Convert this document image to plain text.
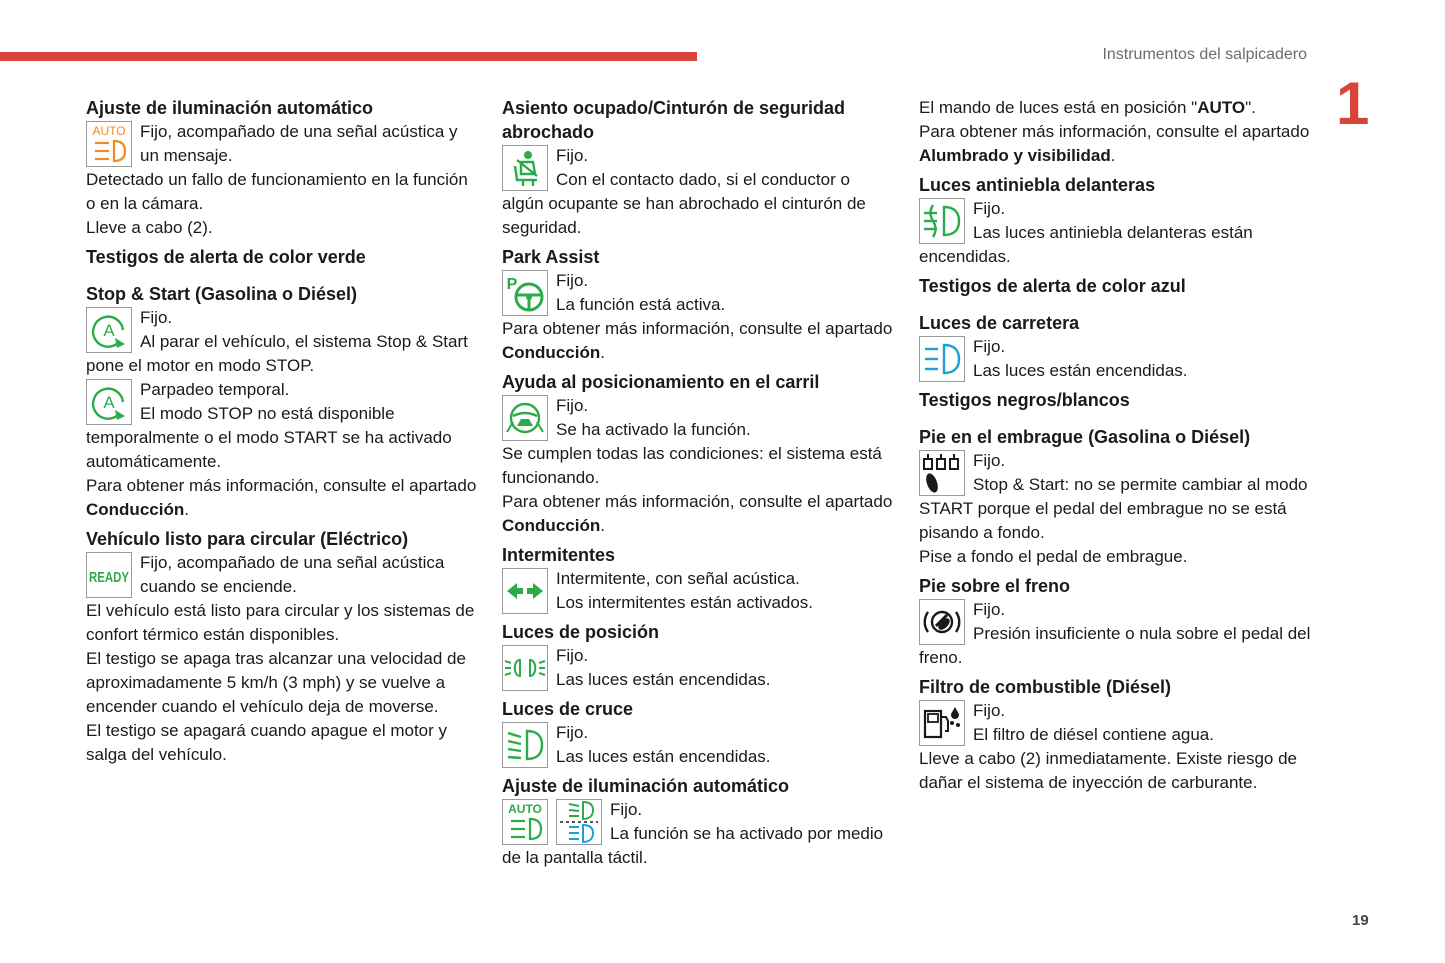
Instrumentos del salpicadero
1
19
Ajuste de iluminación automático
AUTO Fijo, acompañado de una señal acústica y un mensaje.

Detectado un fallo de funcionamiento en la función o en la cámara.

Lleve a cabo (2).

Testigos de alerta de color verde
Stop & Start (Gasolina o Diésel)
A

Fijo.

Al parar el vehículo, el sistema Stop & Start pone el motor en modo STOP.

A

Parpadeo temporal.

El modo STOP no está disponible temporalmente o el modo START se ha activado automáticamente.

Para obtener más información, consulte el apartado Conducción.

Vehículo listo para circular (Eléctrico)
READY

Fijo, acompañado de una señal acústica cuando se enciende.

El vehículo está listo para circular y los sistemas de confort térmico están disponibles.

El testigo se apaga tras alcanzar una velocidad de aproximadamente 5 km/h (3 mph) y se vuelve a encender cuando el vehículo deja de moverse.

El testigo se apagará cuando apague el motor y salga del vehículo.

Asiento ocupado/Cinturón de seguridad abrochado

Fijo.

Con el contacto dado, si el conductor o algún ocupante se han abrochado el cinturón de seguridad.

Park Assist
P	Fijo.

La función está activa.

Para obtener más información, consulte el apartado Conducción.

Ayuda al posicionamiento en el carril

Fijo.

Se ha activado la función.

Se cumplen todas las condiciones: el sistema está funcionando.

Para obtener más información, consulte el apartado Conducción.

Intermitentes

Intermitente, con señal acústica.

Los intermitentes están activados.

Luces de posición

Fijo.

Las luces están encendidas.

Luces de cruce

Fijo.

Las luces están encendidas.

Ajuste de iluminación automático
AUTO	Fijo.

La función se ha activado por medio de la pantalla táctil.

El mando de luces está en posición "AUTO".

Para obtener más información, consulte el apartado Alumbrado y visibilidad.

Luces antiniebla delanteras

Fijo.

Las luces antiniebla delanteras están encendidas.

Testigos de alerta de color azul
Luces de carretera

Fijo.

Las luces están encendidas.

Testigos negros/blancos
Pie en el embrague (Gasolina o Diésel)

Fijo.

Stop & Start: no se permite cambiar al modo START porque el pedal del embrague no se está pisando a fondo.

Pise a fondo el pedal de embrague.

Pie sobre el freno

Fijo.

Presión insuficiente o nula sobre el pedal del freno.

Filtro de combustible (Diésel)

Fijo.

El filtro de diésel contiene agua.

Lleve a cabo (2) inmediatamente. Existe riesgo de dañar el sistema de inyección de carburante.
